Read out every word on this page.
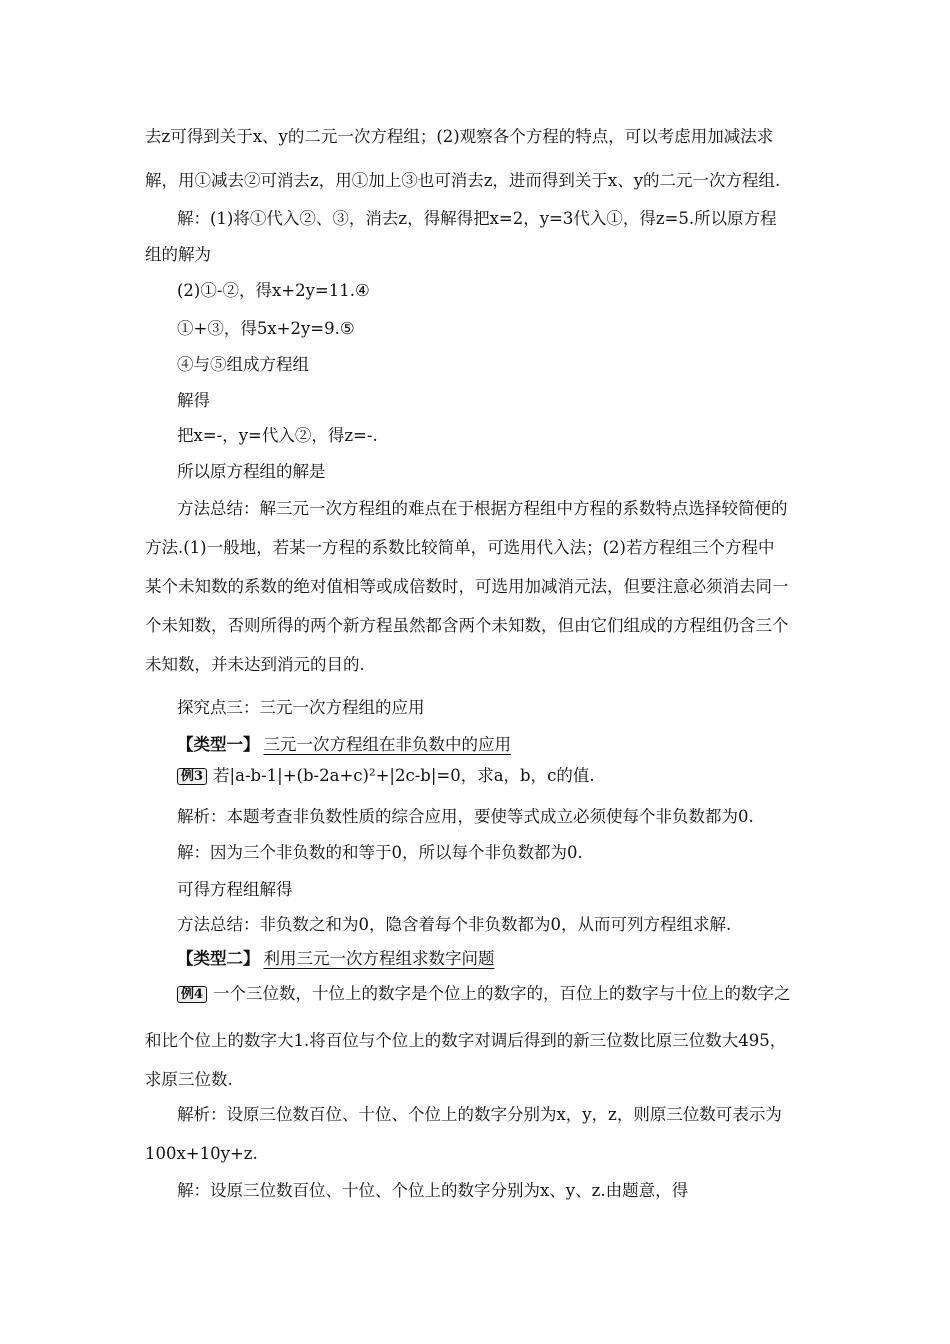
去z可得到关于x、y的二元一次方程组；(2)观察各个方程的特点，可以考虑用加减法求
解，用①减去②可消去z，用①加上③也可消去z，进而得到关于x、y的二元一次方程组.
解：(1)将①代入②、③，消去z，得解得把x=2，y=3代入①，得z=5.所以原方程
组的解为
(2)①-②，得x+2y=11.④
①+③，得5x+2y=9.⑤
④与⑤组成方程组
解得
把x=-，y=代入②，得z=-.
所以原方程组的解是
方法总结：解三元一次方程组的难点在于根据方程组中方程的系数特点选择较简便的
方法.(1)一般地，若某一方程的系数比较简单，可选用代入法；(2)若方程组三个方程中
某个未知数的系数的绝对值相等或成倍数时，可选用加减消元法，但要注意必须消去同一
个未知数，否则所得的两个新方程虽然都含两个未知数，但由它们组成的方程组仍含三个
未知数，并未达到消元的目的.
探究点三：三元一次方程组的应用
【类型一】 三元一次方程组在非负数中的应用
例3 若|a-b-1|+(b-2a+c)²+|2c-b|=0，求a，b，c的值.
解析：本题考查非负数性质的综合应用，要使等式成立必须使每个非负数都为0.
解：因为三个非负数的和等于0，所以每个非负数都为0.
可得方程组解得
方法总结：非负数之和为0，隐含着每个非负数都为0，从而可列方程组求解.
【类型二】 利用三元一次方程组求数字问题
例4 一个三位数，十位上的数字是个位上的数字的，百位上的数字与十位上的数字之
和比个位上的数字大1.将百位与个位上的数字对调后得到的新三位数比原三位数大495，
求原三位数.
解析：设原三位数百位、十位、个位上的数字分别为x，y，z，则原三位数可表示为
100x+10y+z.
解：设原三位数百位、十位、个位上的数字分别为x、y、z.由题意，得
